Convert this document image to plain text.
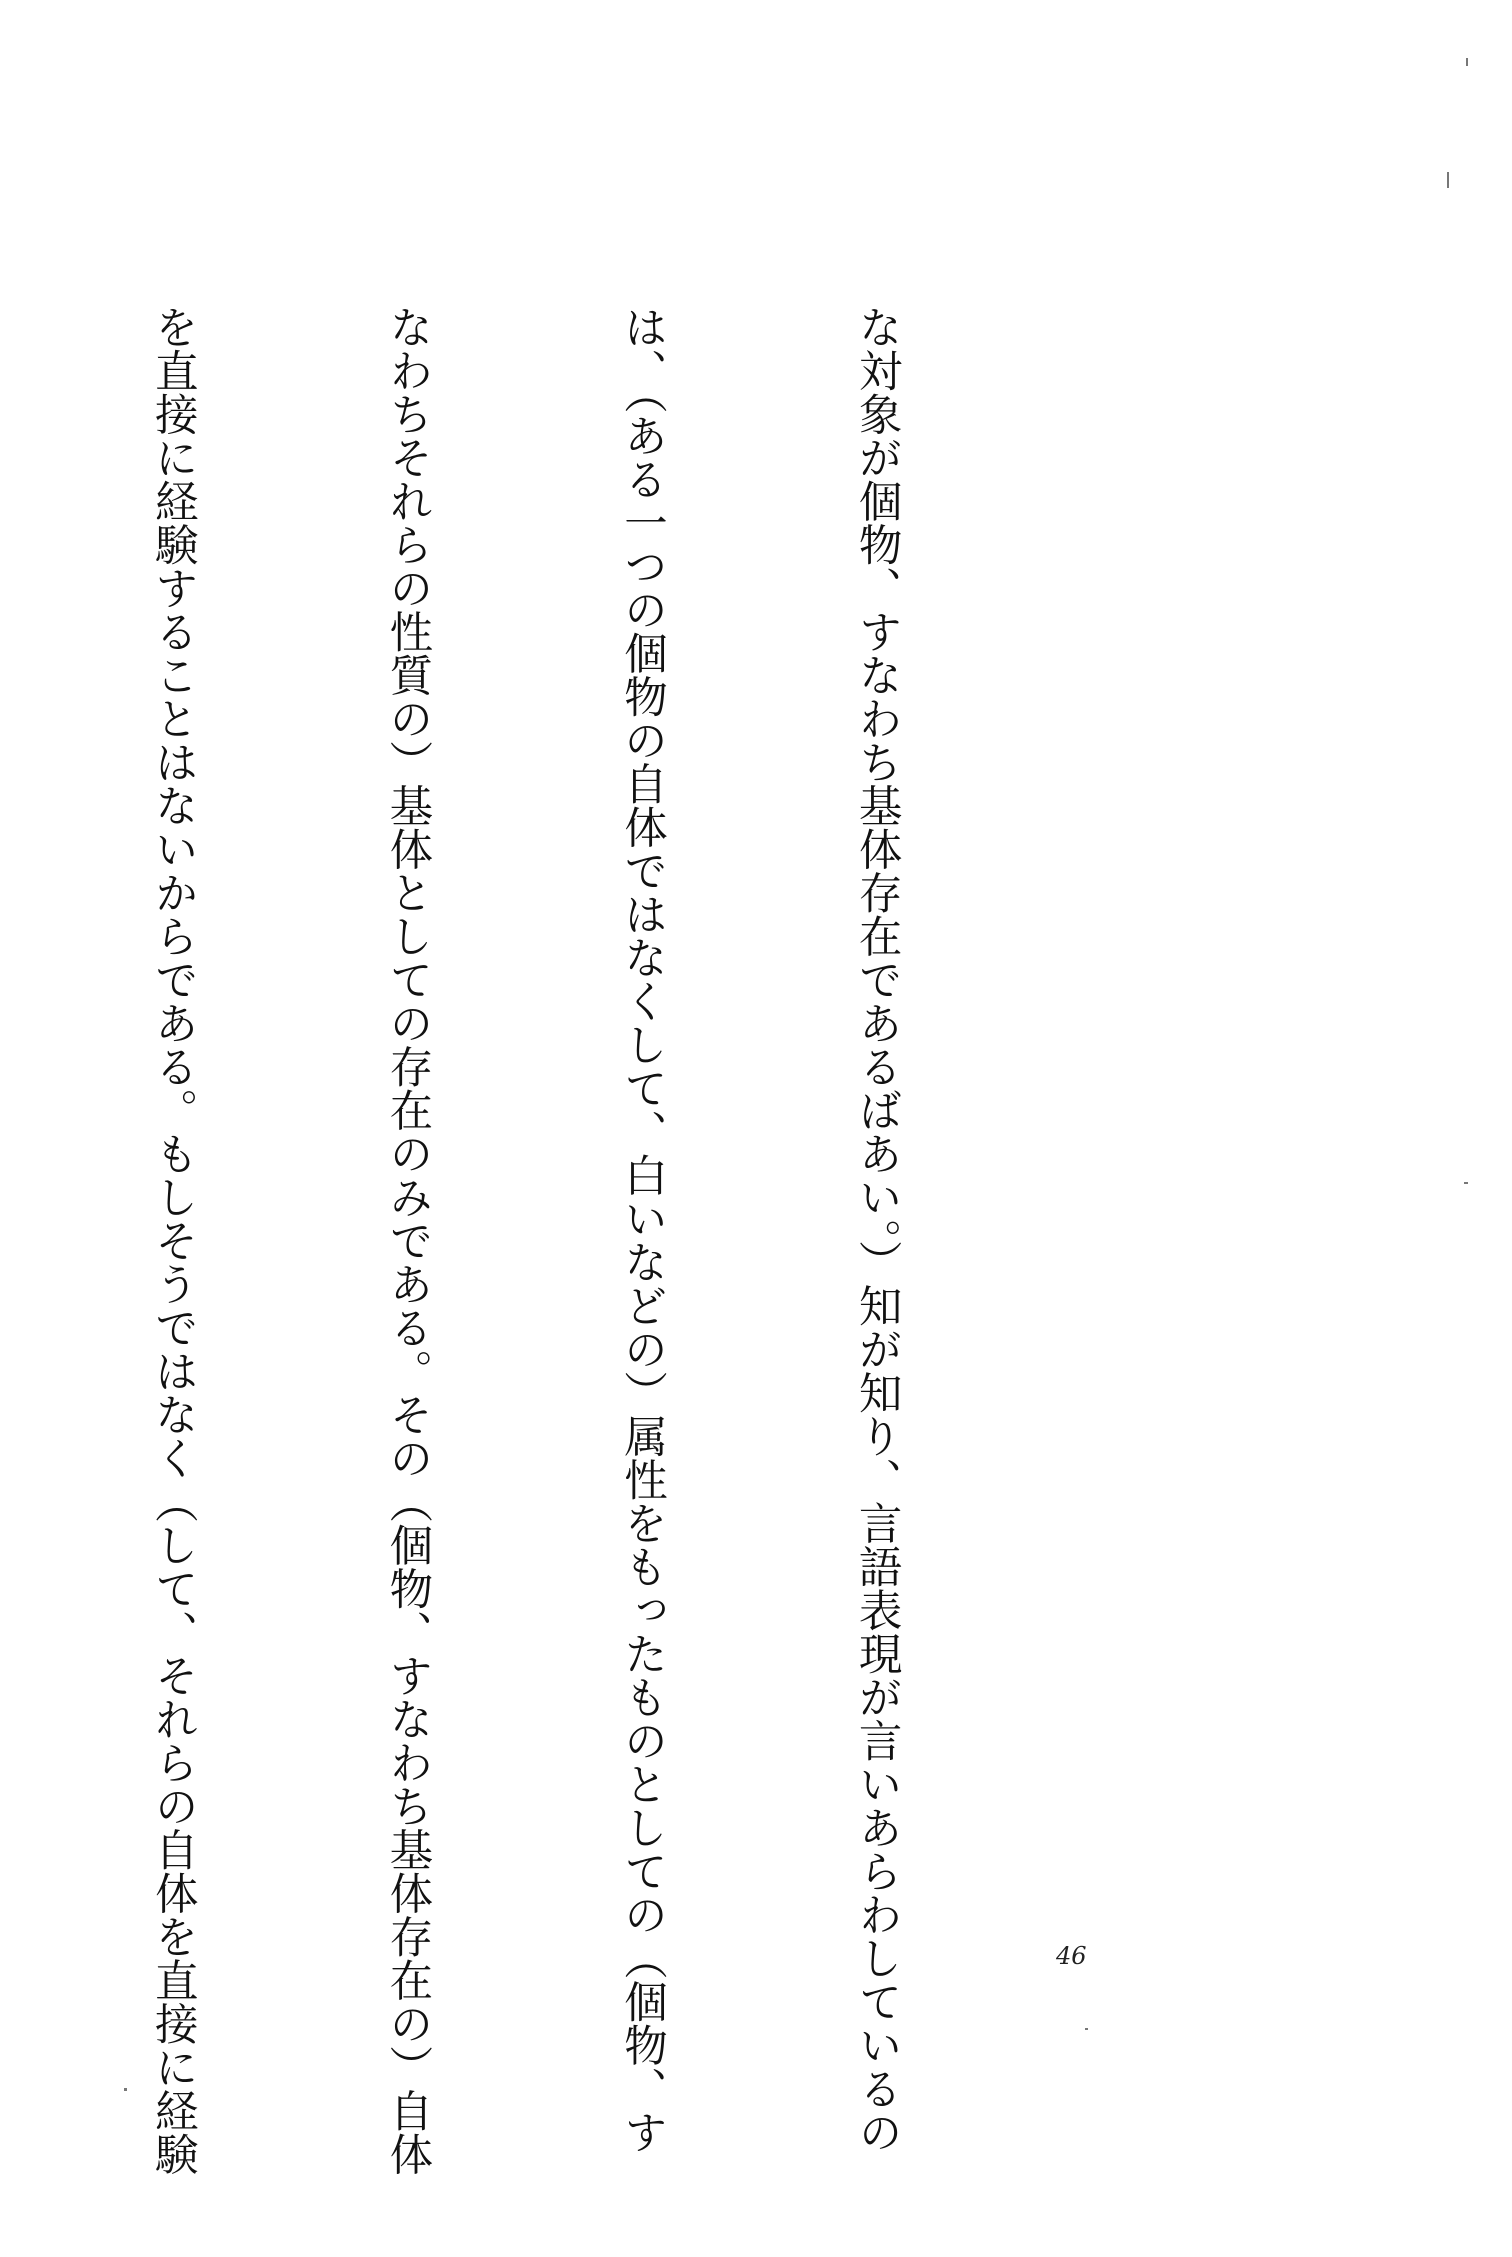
な対象が個物、すなわち基体存在であるばあい。）知が知り、言語表現が言いあらわしているの

は、（ある一つの個物の自体ではなくして、白いなどの）属性をもったものとしての（個物、す

なわちそれらの性質の）基体としての存在のみである。その（個物、すなわち基体存在の）自体

を直接に経験することはないからである。もしそうではなく（して、それらの自体を直接に経験

	46
